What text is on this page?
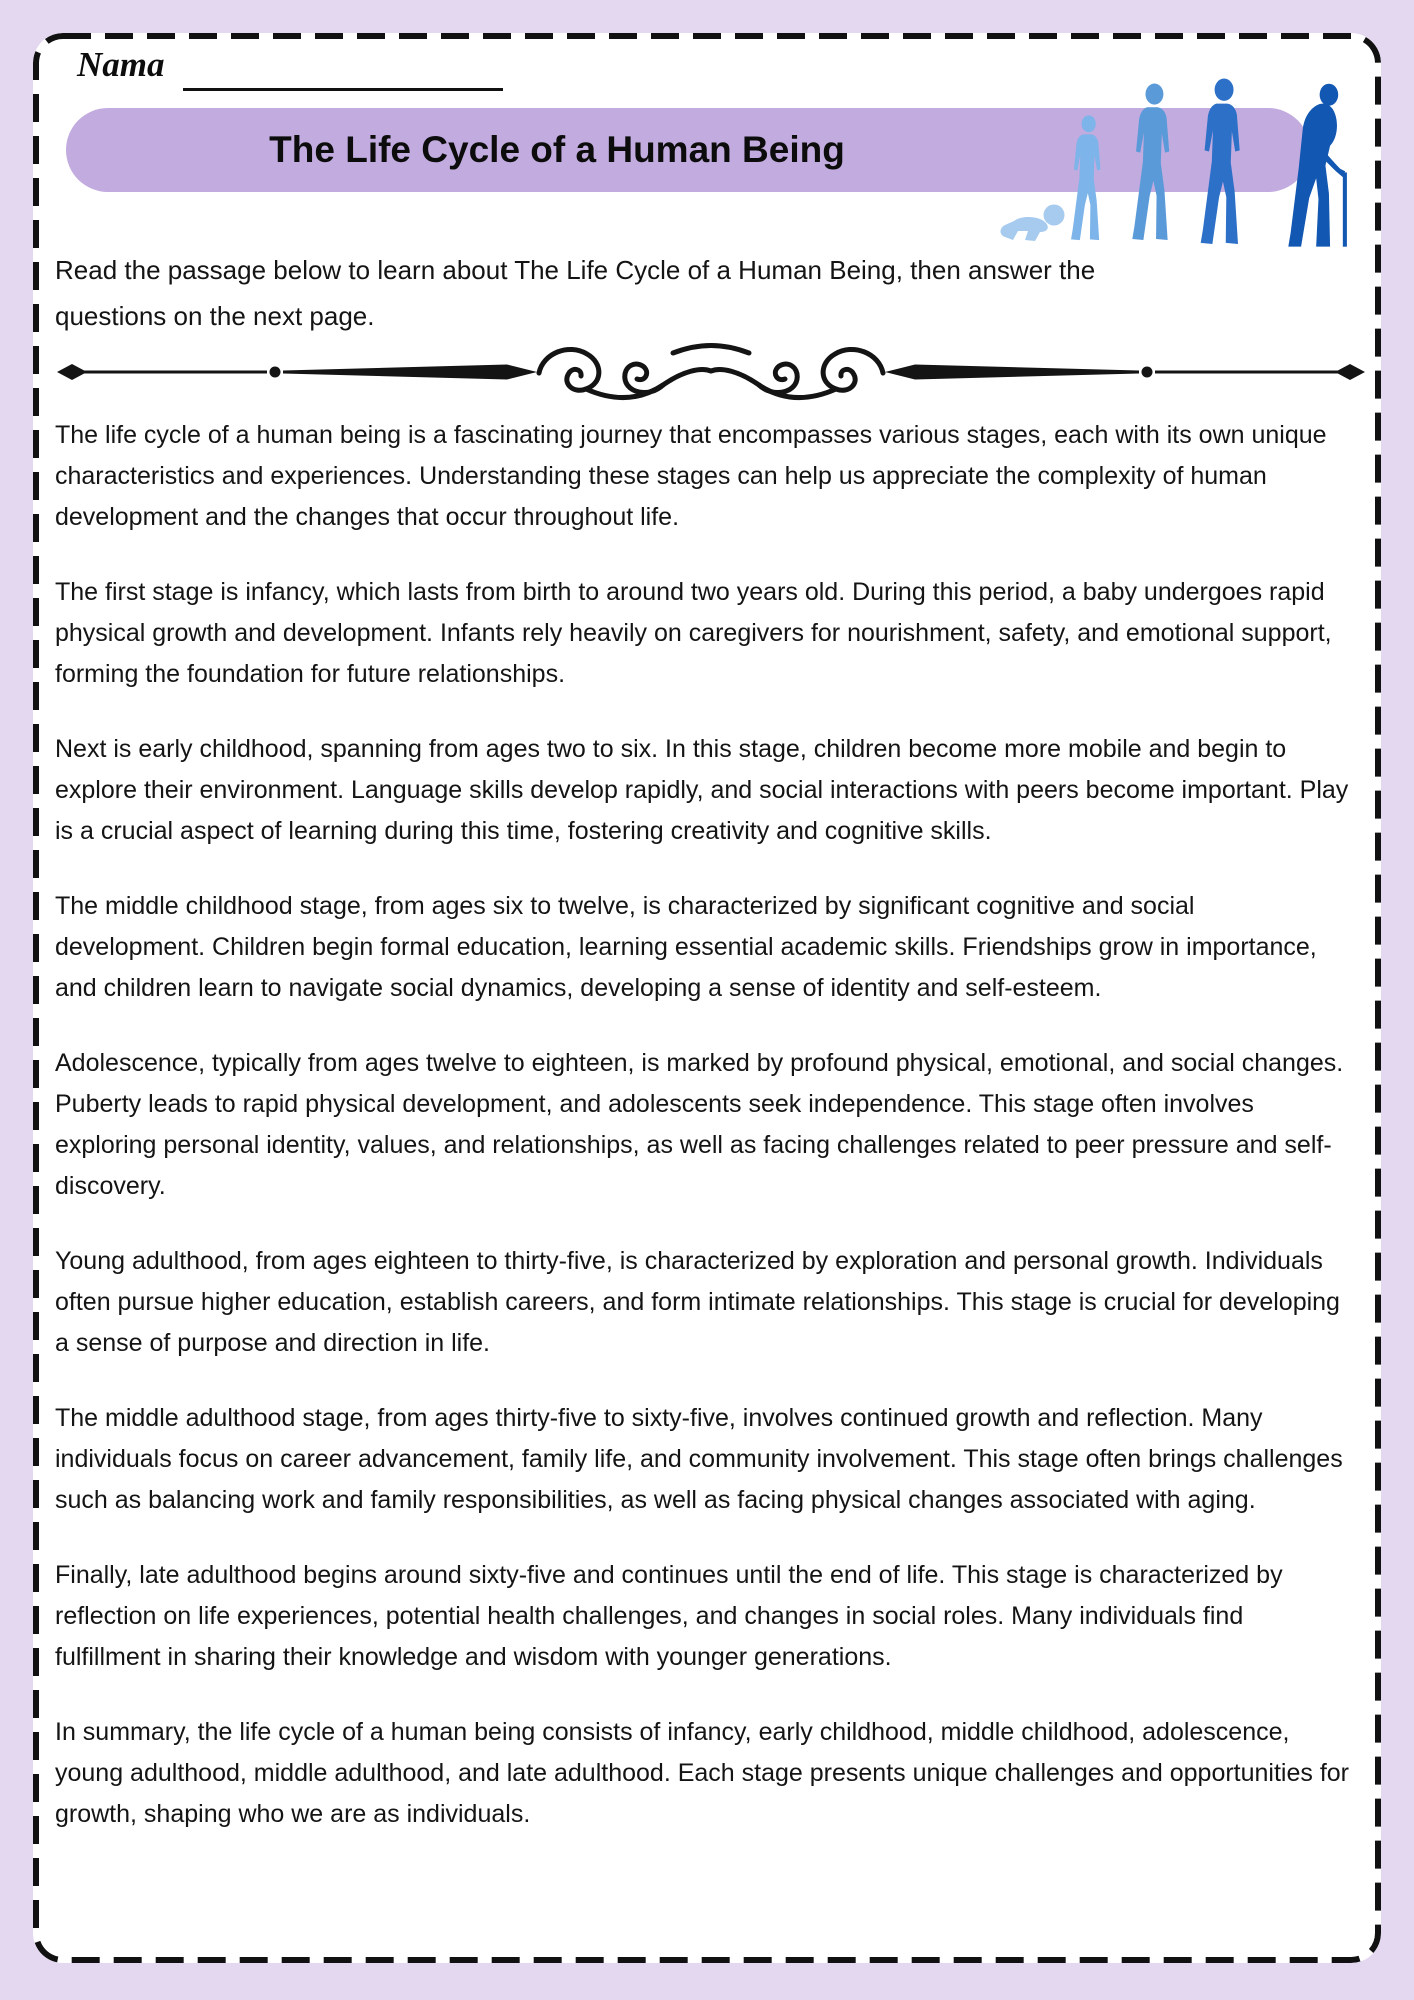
Nama
The Life Cycle of a Human Being
Read the passage below to learn about The Life Cycle of a Human Being, then answer the questions on the next page.

The life cycle of a human being is a fascinating journey that encompasses various stages, each with its own unique characteristics and experiences. Understanding these stages can help us appreciate the complexity of human development and the changes that occur throughout life.

The first stage is infancy, which lasts from birth to around two years old. During this period, a baby undergoes rapid physical growth and development. Infants rely heavily on caregivers for nourishment, safety, and emotional support, forming the foundation for future relationships.

Next is early childhood, spanning from ages two to six. In this stage, children become more mobile and begin to explore their environment. Language skills develop rapidly, and social interactions with peers become important. Play is a crucial aspect of learning during this time, fostering creativity and cognitive skills.

The middle childhood stage, from ages six to twelve, is characterized by significant cognitive and social development. Children begin formal education, learning essential academic skills. Friendships grow in importance, and children learn to navigate social dynamics, developing a sense of identity and self-esteem.

Adolescence, typically from ages twelve to eighteen, is marked by profound physical, emotional, and social changes. Puberty leads to rapid physical development, and adolescents seek independence. This stage often involves exploring personal identity, values, and relationships, as well as facing challenges related to peer pressure and self-discovery.

Young adulthood, from ages eighteen to thirty-five, is characterized by exploration and personal growth. Individuals often pursue higher education, establish careers, and form intimate relationships. This stage is crucial for developing a sense of purpose and direction in life.

The middle adulthood stage, from ages thirty-five to sixty-five, involves continued growth and reflection. Many individuals focus on career advancement, family life, and community involvement. This stage often brings challenges such as balancing work and family responsibilities, as well as facing physical changes associated with aging.

Finally, late adulthood begins around sixty-five and continues until the end of life. This stage is characterized by reflection on life experiences, potential health challenges, and changes in social roles. Many individuals find fulfillment in sharing their knowledge and wisdom with younger generations.

In summary, the life cycle of a human being consists of infancy, early childhood, middle childhood, adolescence, young adulthood, middle adulthood, and late adulthood. Each stage presents unique challenges and opportunities for growth, shaping who we are as individuals.
